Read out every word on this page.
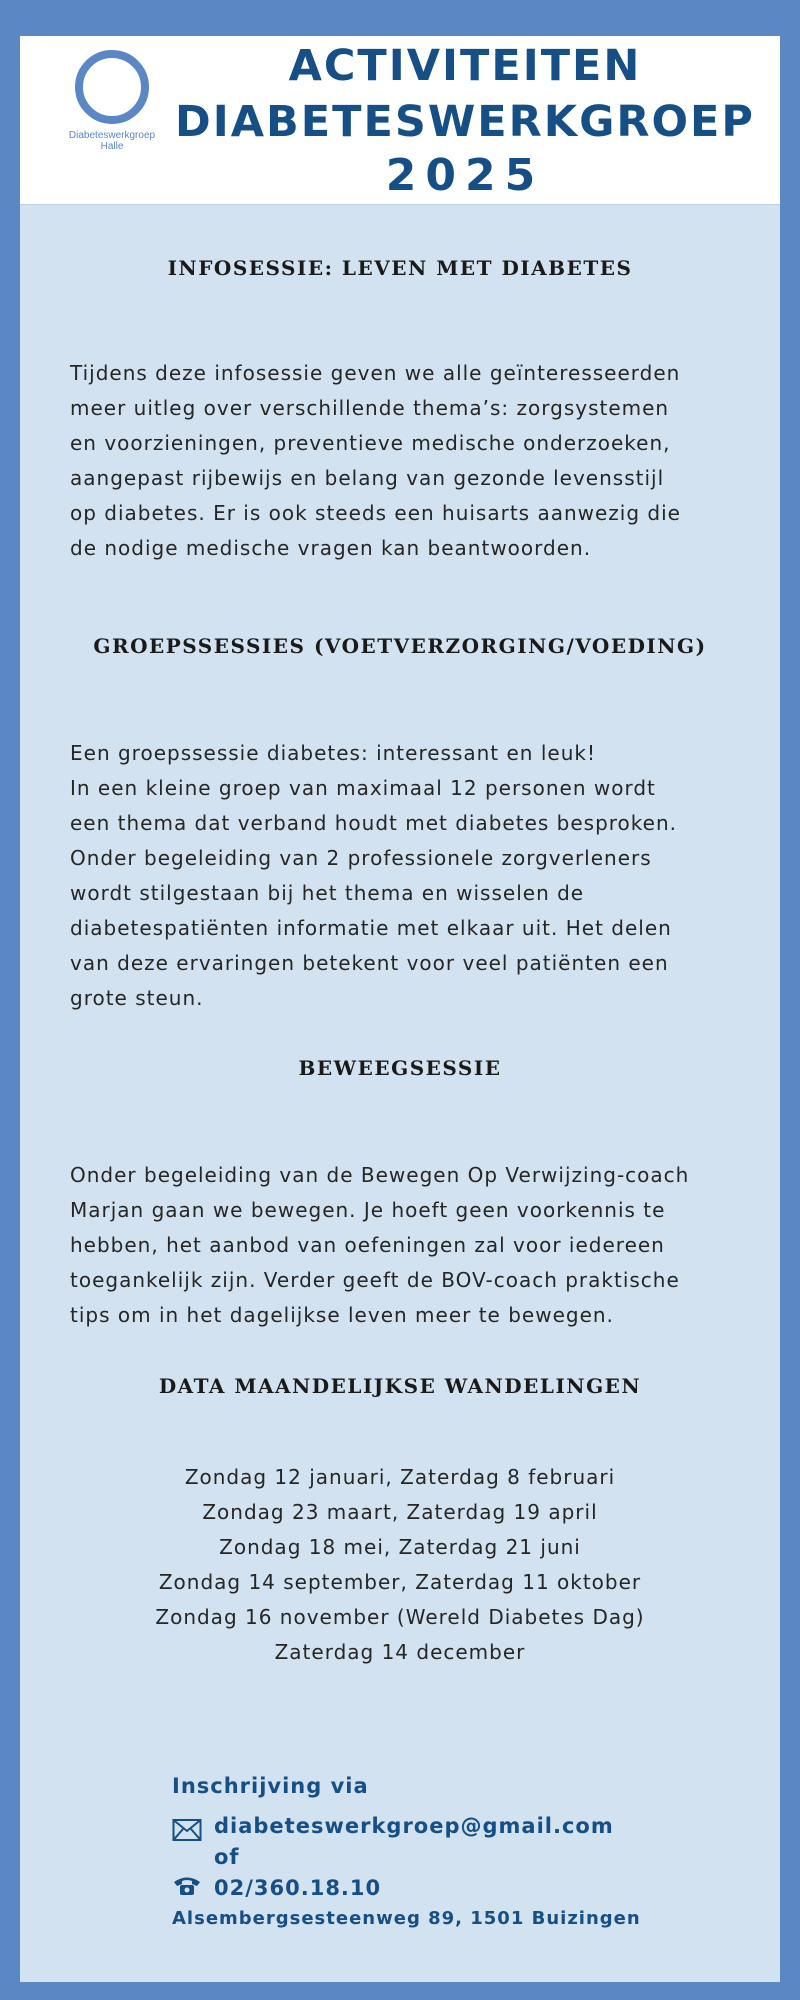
Diabeteswerkgroep
Halle
ACTIVITEITEN
DIABETESWERKGROEP
2025
INFOSESSIE: LEVEN MET DIABETES

Tijdens deze infosessie geven we alle geïnteresseerden
meer uitleg over verschillende thema’s: zorgsystemen
en voorzieningen, preventieve medische onderzoeken,
aangepast rijbewijs en belang van gezonde levensstijl
op diabetes. Er is ook steeds een huisarts aanwezig die
de nodige medische vragen kan beantwoorden.

GROEPSSESSIES (VOETVERZORGING/VOEDING)

Een groepssessie diabetes: interessant en leuk!
In een kleine groep van maximaal 12 personen wordt
een thema dat verband houdt met diabetes besproken.
Onder begeleiding van 2 professionele zorgverleners
wordt stilgestaan bij het thema en wisselen de
diabetespatiënten informatie met elkaar uit. Het delen
van deze ervaringen betekent voor veel patiënten een
grote steun.

BEWEEGSESSIE

Onder begeleiding van de Bewegen Op Verwijzing-coach
Marjan gaan we bewegen. Je hoeft geen voorkennis te
hebben, het aanbod van oefeningen zal voor iedereen
toegankelijk zijn. Verder geeft de BOV-coach praktische
tips om in het dagelijkse leven meer te bewegen.

DATA MAANDELIJKSE WANDELINGEN
Zondag 12 januari, Zaterdag 8 februari
Zondag 23 maart, Zaterdag 19 april
Zondag 18 mei, Zaterdag 21 juni
Zondag 14 september, Zaterdag 11 oktober
Zondag 16 november (Wereld Diabetes Dag)
Zaterdag 14 december
Inschrijving via
diabeteswerkgroep@gmail.com
of
02/360.18.10
Alsembergsesteenweg 89, 1501 Buizingen
